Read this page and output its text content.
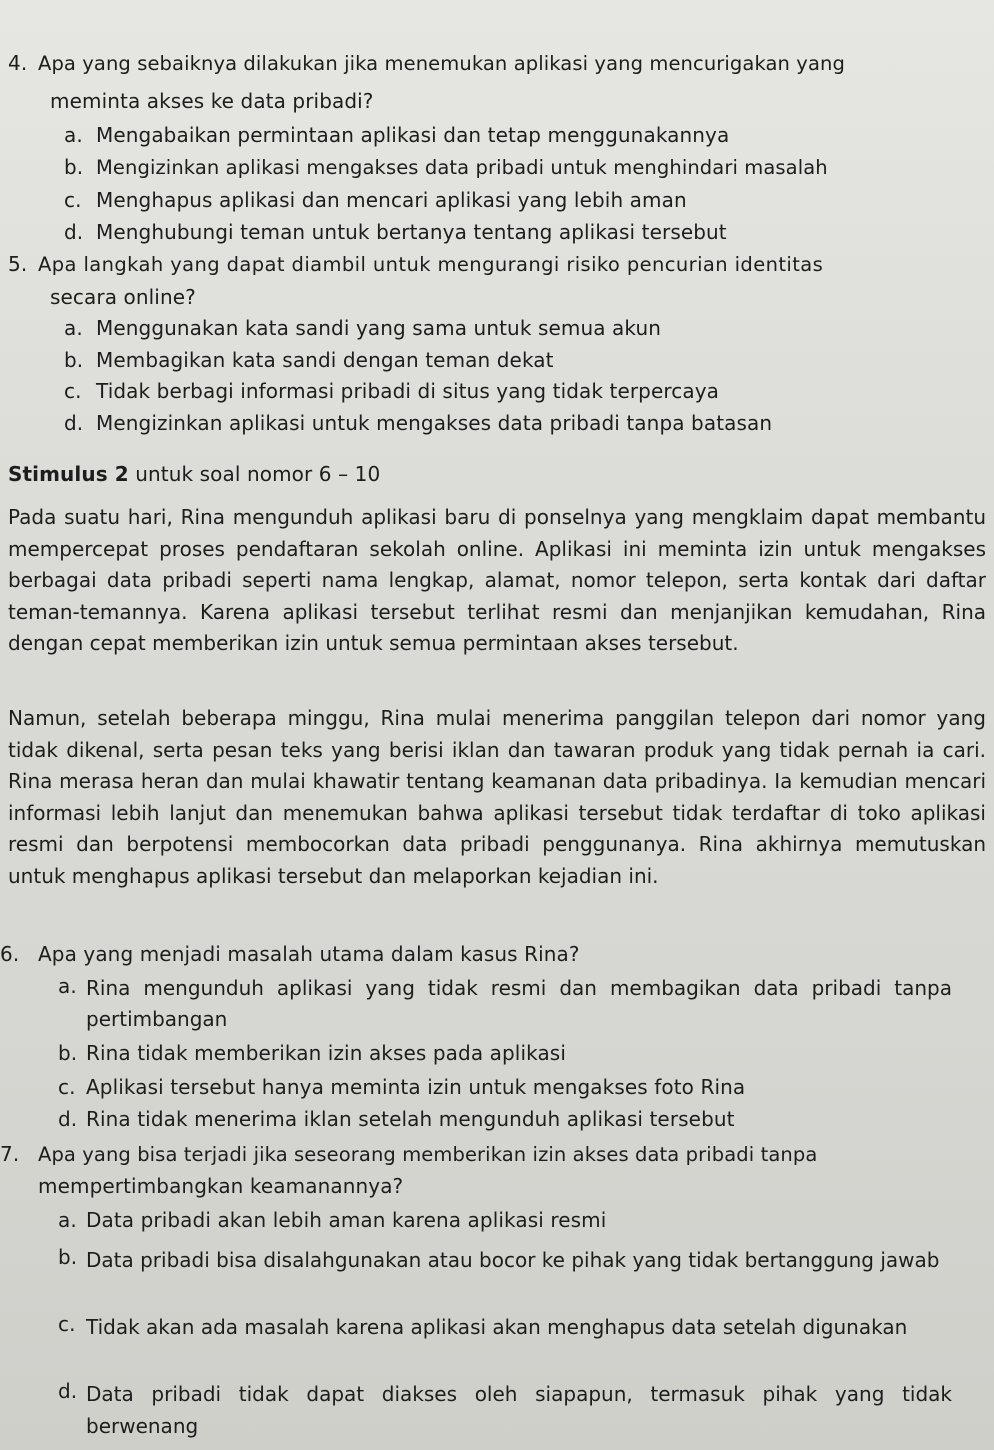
4. Apa yang sebaiknya dilakukan jika menemukan aplikasi yang mencurigakan yang
meminta akses ke data pribadi?
a. Mengabaikan permintaan aplikasi dan tetap menggunakannya
b. Mengizinkan aplikasi mengakses data pribadi untuk menghindari masalah
c. Menghapus aplikasi dan mencari aplikasi yang lebih aman
d. Menghubungi teman untuk bertanya tentang aplikasi tersebut
5. Apa langkah yang dapat diambil untuk mengurangi risiko pencurian identitas
secara online?
a. Menggunakan kata sandi yang sama untuk semua akun
b. Membagikan kata sandi dengan teman dekat
c. Tidak berbagi informasi pribadi di situs yang tidak terpercaya
d. Mengizinkan aplikasi untuk mengakses data pribadi tanpa batasan
Stimulus 2 untuk soal nomor 6 – 10
Pada suatu hari, Rina mengunduh aplikasi baru di ponselnya yang mengklaim dapat membantu mempercepat proses pendaftaran sekolah online. Aplikasi ini meminta izin untuk mengakses berbagai data pribadi seperti nama lengkap, alamat, nomor telepon, serta kontak dari daftar teman-temannya. Karena aplikasi tersebut terlihat resmi dan menjanjikan kemudahan, Rina dengan cepat memberikan izin untuk semua permintaan akses tersebut.
Namun, setelah beberapa minggu, Rina mulai menerima panggilan telepon dari nomor yang tidak dikenal, serta pesan teks yang berisi iklan dan tawaran produk yang tidak pernah ia cari. Rina merasa heran dan mulai khawatir tentang keamanan data pribadinya. Ia kemudian mencari informasi lebih lanjut dan menemukan bahwa aplikasi tersebut tidak terdaftar di toko aplikasi resmi dan berpotensi membocorkan data pribadi penggunanya. Rina akhirnya memutuskan untuk menghapus aplikasi tersebut dan melaporkan kejadian ini.
6. Apa yang menjadi masalah utama dalam kasus Rina?
a. Rina mengunduh aplikasi yang tidak resmi dan membagikan data pribadi tanpa pertimbangan
b. Rina tidak memberikan izin akses pada aplikasi
c. Aplikasi tersebut hanya meminta izin untuk mengakses foto Rina
d. Rina tidak menerima iklan setelah mengunduh aplikasi tersebut
7. Apa yang bisa terjadi jika seseorang memberikan izin akses data pribadi tanpa
mempertimbangkan keamanannya?
a. Data pribadi akan lebih aman karena aplikasi resmi
b. Data pribadi bisa disalahgunakan atau bocor ke pihak yang tidak bertanggung jawab
c. Tidak akan ada masalah karena aplikasi akan menghapus data setelah digunakan
d. Data pribadi tidak dapat diakses oleh siapapun, termasuk pihak yang tidak berwenang
